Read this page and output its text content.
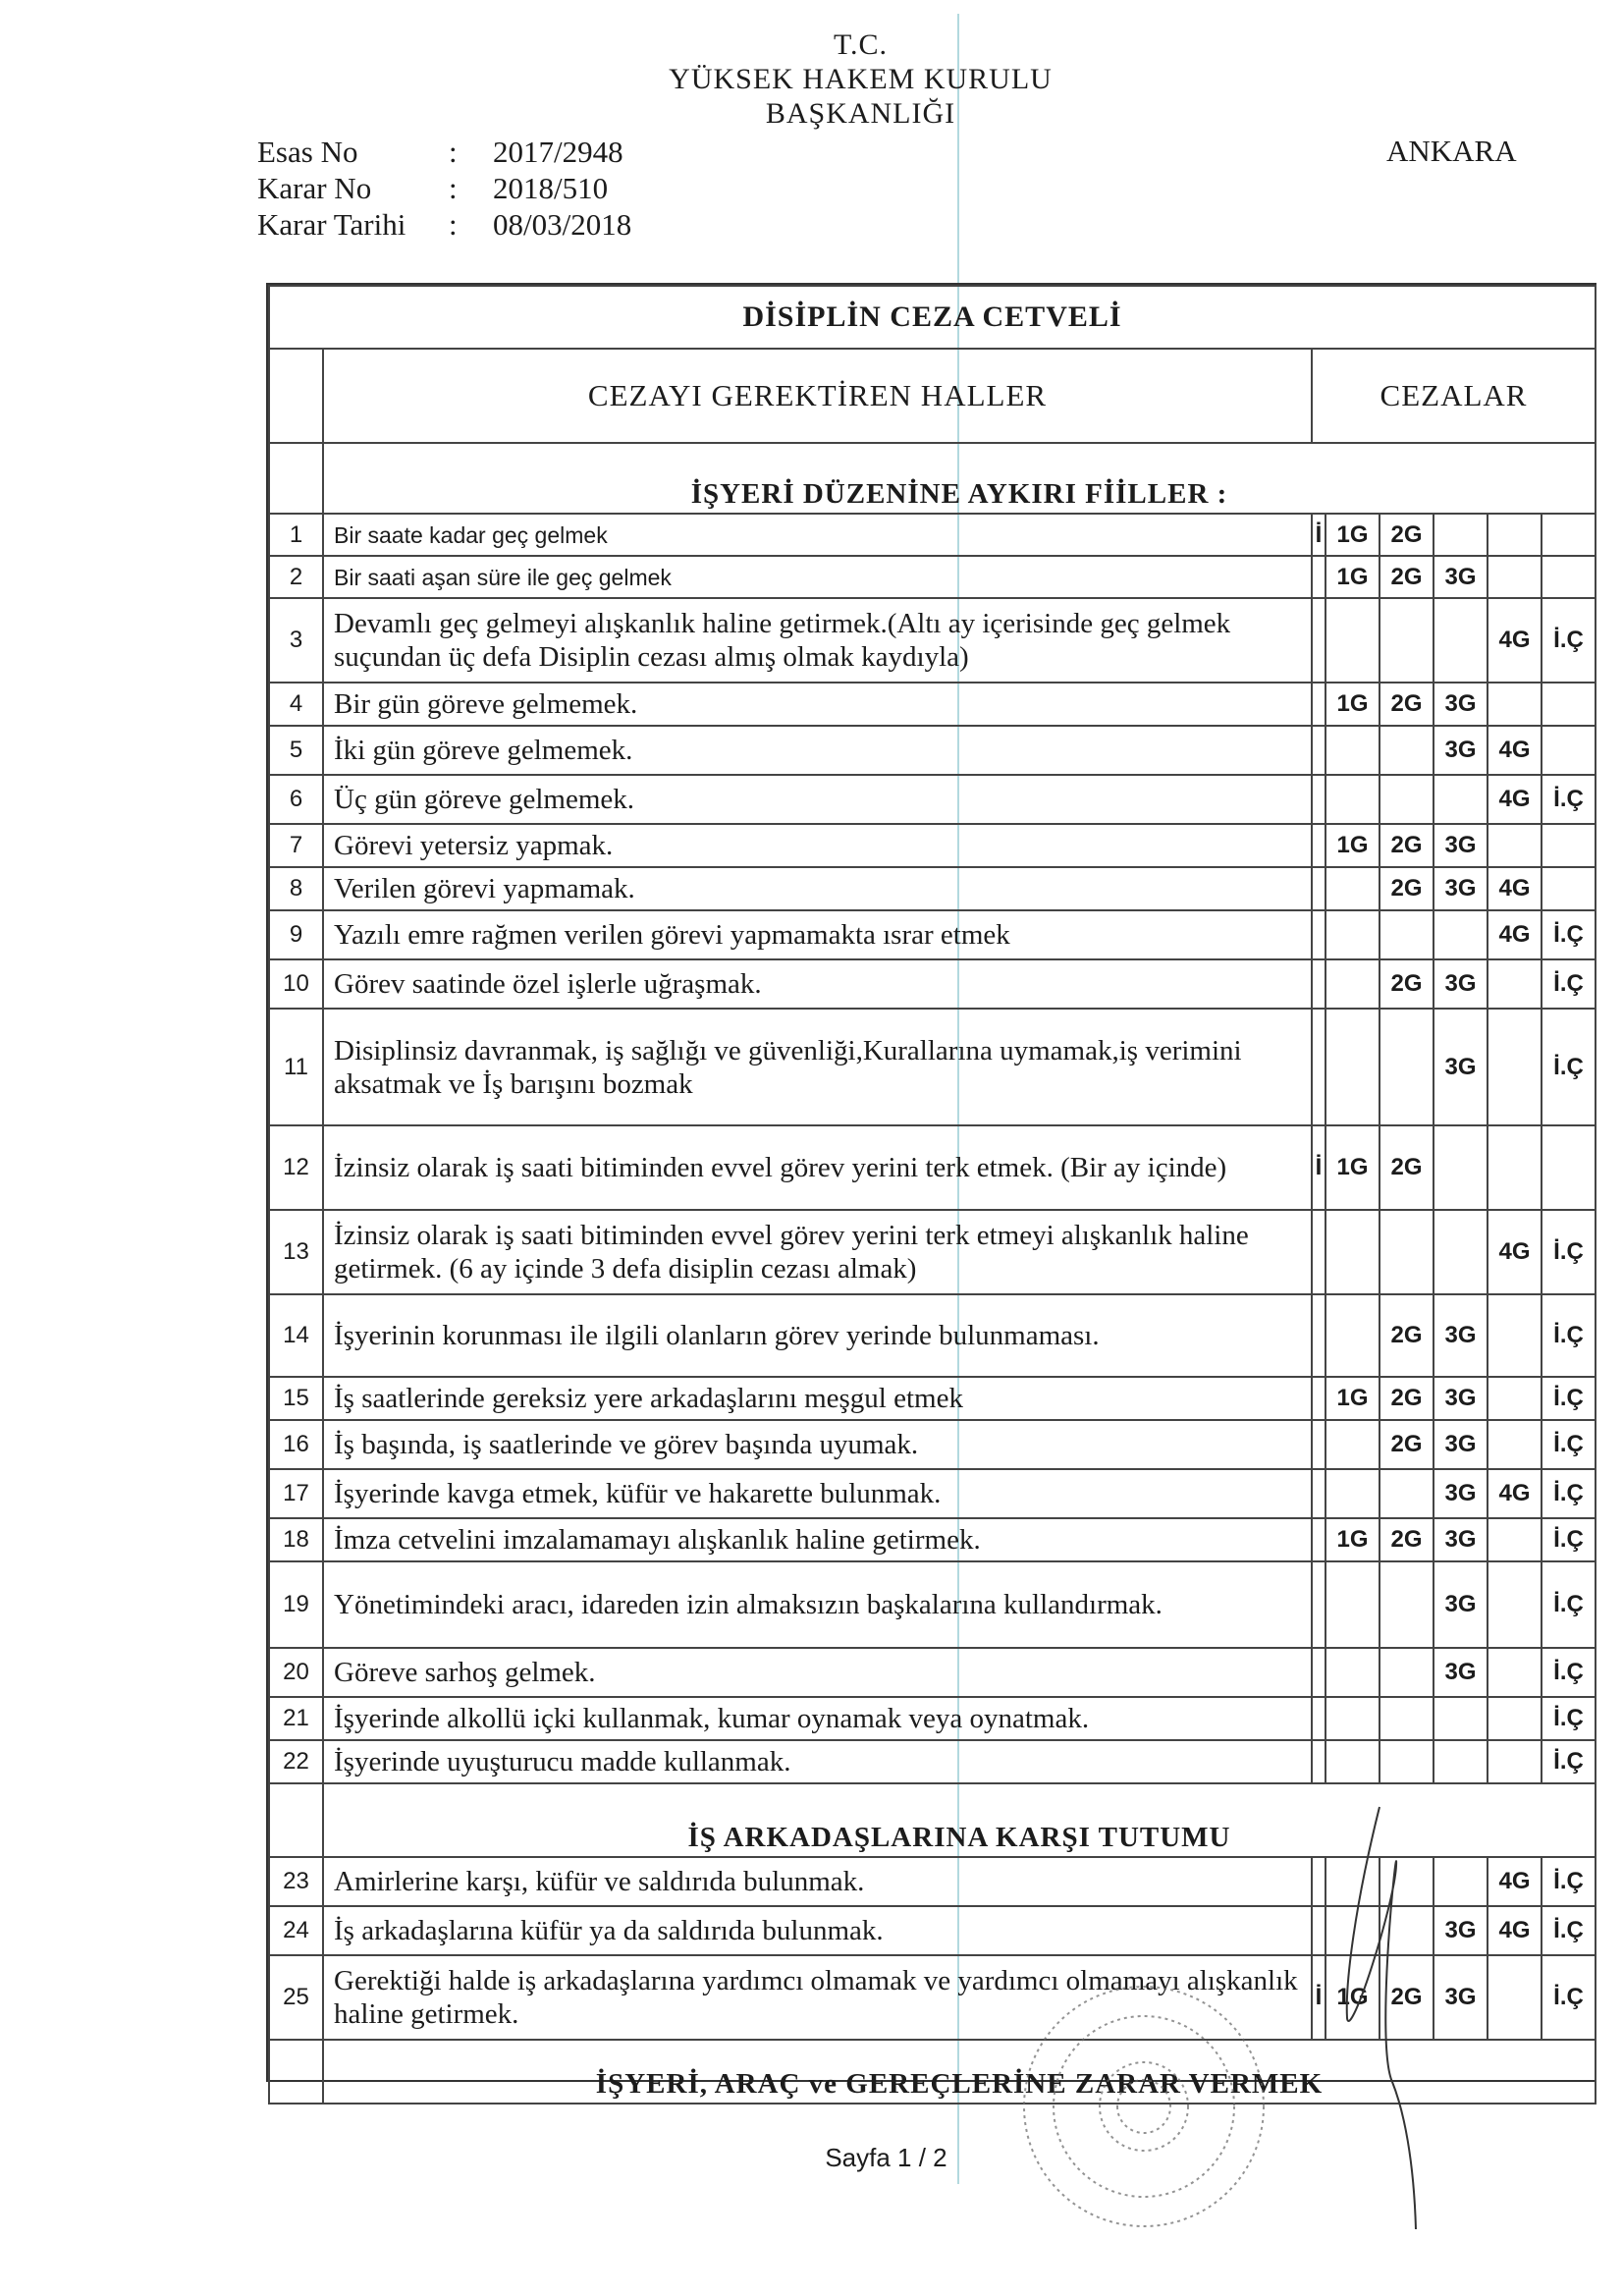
T.C.
YÜKSEK HAKEM KURULU
BAŞKANLIĞI
Esas No	:	2017/2948
Karar No	:	2018/510
Karar Tarihi	:	08/03/2018
ANKARA
DİSİPLİN CEZA CETVELİ							
	CEZAYI GEREKTİREN HALLER	CEZALAR					
	İŞYERİ DÜZENİNE AYKIRI FİİLLER :						
1	Bir saate kadar geç gelmek	İ	1G	2G			
2	Bir saati aşan süre ile geç gelmek		1G	2G	3G		
3	Devamlı geç gelmeyi alışkanlık haline getirmek.(Altı ay içerisinde geç gelmek suçundan üç defa Disiplin cezası almış olmak kaydıyla)					4G	İ.Ç
4	Bir gün göreve gelmemek.		1G	2G	3G		
5	İki gün göreve gelmemek.				3G	4G	
6	Üç gün göreve gelmemek.					4G	İ.Ç
7	Görevi yetersiz yapmak.		1G	2G	3G		
8	Verilen görevi yapmamak.			2G	3G	4G	
9	Yazılı emre rağmen verilen görevi yapmamakta ısrar etmek					4G	İ.Ç
10	Görev saatinde özel işlerle uğraşmak.			2G	3G		İ.Ç
11	Disiplinsiz davranmak, iş sağlığı ve güvenliği,Kurallarına uymamak,iş verimini aksatmak ve İş barışını bozmak				3G		İ.Ç
12	İzinsiz olarak iş saati bitiminden evvel görev yerini terk etmek. (Bir ay içinde)	İ	1G	2G			
13	İzinsiz olarak iş saati bitiminden evvel görev yerini terk etmeyi alışkanlık haline getirmek. (6 ay içinde 3 defa disiplin cezası almak)					4G	İ.Ç
14	İşyerinin korunması ile ilgili olanların görev yerinde bulunmaması.			2G	3G		İ.Ç
15	İş saatlerinde gereksiz yere arkadaşlarını meşgul etmek		1G	2G	3G		İ.Ç
16	İş başında, iş saatlerinde ve görev başında uyumak.			2G	3G		İ.Ç
17	İşyerinde kavga etmek, küfür ve hakarette bulunmak.				3G	4G	İ.Ç
18	İmza cetvelini imzalamamayı alışkanlık haline getirmek.		1G	2G	3G		İ.Ç
19	Yönetimindeki aracı, idareden izin almaksızın başkalarına kullandırmak.				3G		İ.Ç
20	Göreve sarhoş gelmek.				3G		İ.Ç
21	İşyerinde alkollü içki kullanmak, kumar oynamak veya oynatmak.						İ.Ç
22	İşyerinde uyuşturucu madde kullanmak.						İ.Ç
	İŞ ARKADAŞLARINA KARŞI TUTUMU						
23	Amirlerine karşı, küfür ve saldırıda bulunmak.					4G	İ.Ç
24	İş arkadaşlarına küfür ya da saldırıda bulunmak.				3G	4G	İ.Ç
25	Gerektiği halde iş arkadaşlarına yardımcı olmamak ve yardımcı olmamayı alışkanlık haline getirmek.	İ	1G	2G	3G		İ.Ç
	İŞYERİ, ARAÇ ve GEREÇLERİNE ZARAR VERMEK						
Sayfa 1 / 2
